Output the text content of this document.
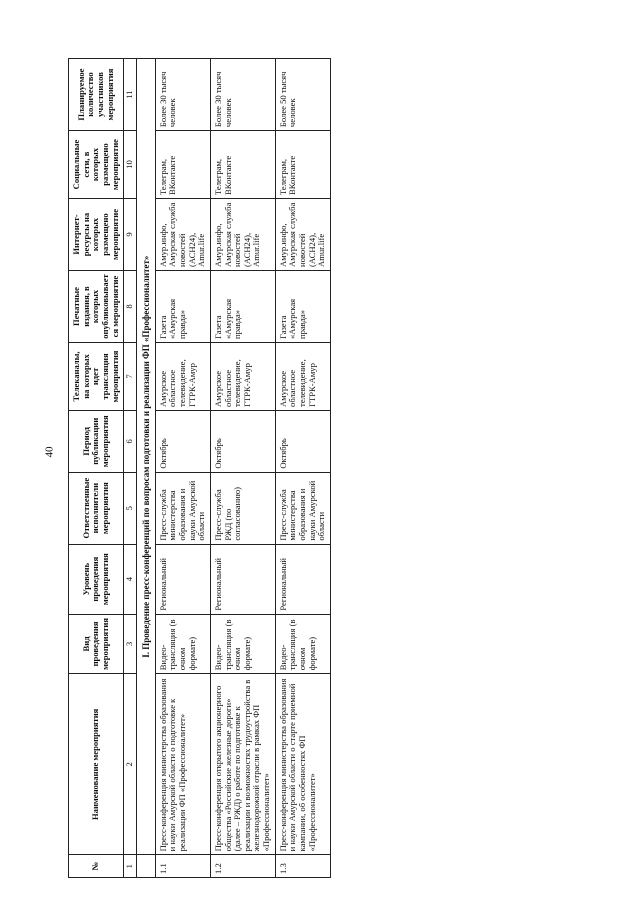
40
№	Наименование мероприятия	Вид проведения мероприятия	Уровень проведения мероприятия	Ответственные исполнители мероприятия	Период публикации мероприятия	Телеканалы, на которых идет трансляция мероприятия	Печатные издания, в которых опубликовывается мероприятие	Интернет-ресурсы на которых размещено мероприятие	Социальные сети, в которых размещено мероприятие	Планируемое количество участников мероприятия
1	2	3	4	5	6	7	8	9	10	11
	I. Проведение пресс-конференций по вопросам подготовки и реализации ФП «Профессионалитет»									
1.1	Пресс-конференция министерства образования и науки Амурской области о подготовке к реализации ФП «Профессионалитет»	Видео-трансляция (в очном формате)	Региональный	Пресс-служба министерства образования и науки Амурской области	Октябрь	Амурское областное телевидение, ГТРК-Амур	Газета «Амурская правда»	Амур.инфо, Амурская служба новостей (АСН24), Amur.life	Телеграм, ВКонтакте	Более 30 тысяч человек
1.2	Пресс-конференция открытого акционерного общества «Российские железные дороги» (далее – РЖД) о работе по подготовке к реализации и возможностях трудоустройства в железнодорожной отрасли в рамках ФП «Профессионалитет»	Видео-трансляция (в очном формате)	Региональный	Пресс-служба РЖД (по согласованию)	Октябрь	Амурское областное телевидение, ГТРК-Амур	Газета «Амурская правда»	Амур.инфо, Амурская служба новостей (АСН24), Amur.life	Телеграм, ВКонтакте	Более 30 тысяч человек
1.3	Пресс-конференция министерства образования и науки Амурской области о старте приемной кампании, об особенностях ФП «Профессионалитет»	Видео-трансляция (в очном формате)	Региональный	Пресс-служба министерства образования и науки Амурской области	Октябрь	Амурское областное телевидение, ГТРК-Амур	Газета «Амурская правда»	Амур.инфо, Амурская служба новостей (АСН24), Amur.life	Телеграм, ВКонтакте	Более 50 тысяч человек
